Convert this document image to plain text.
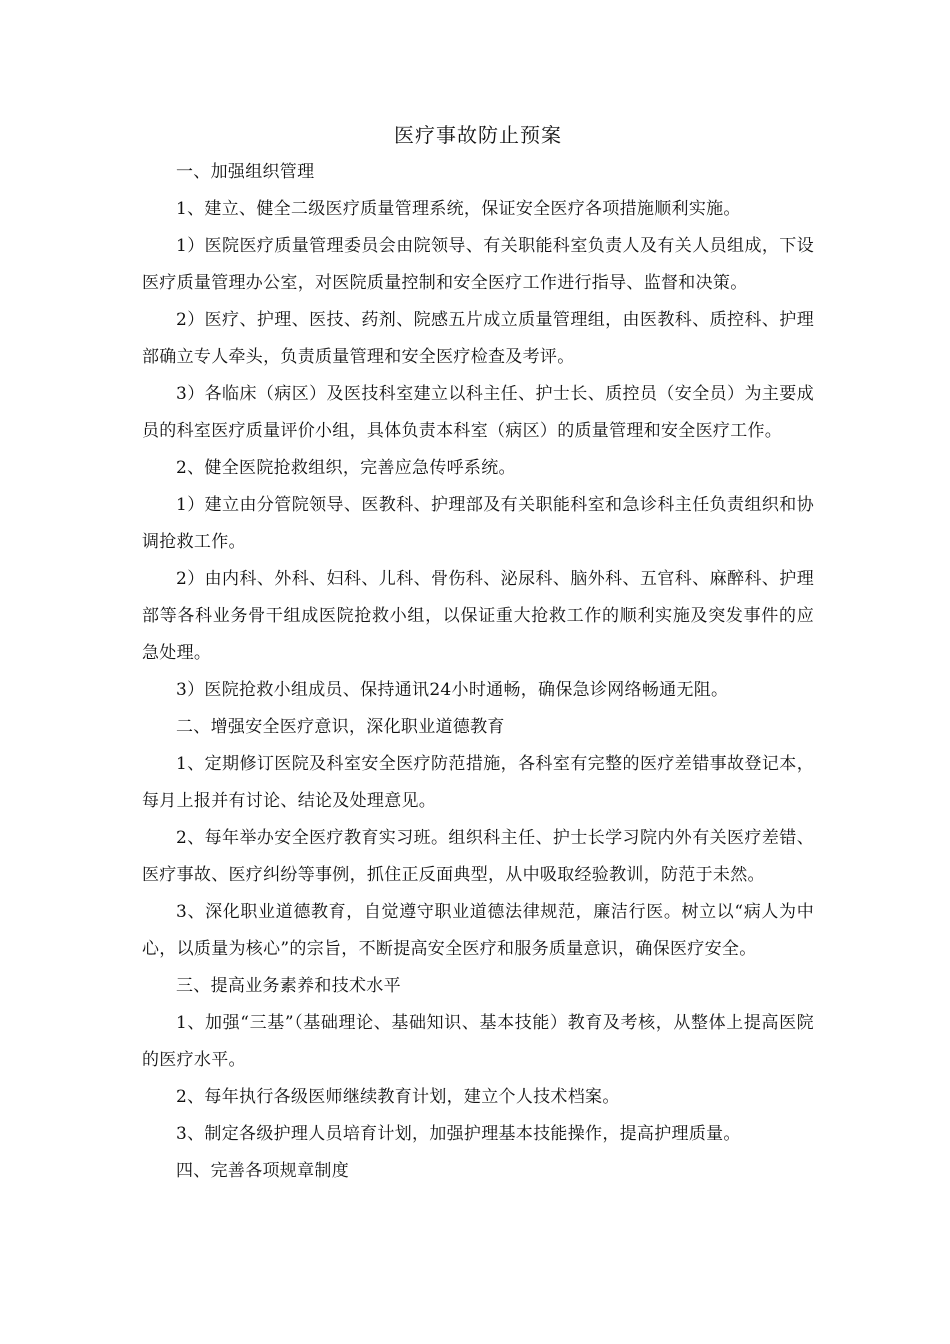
医疗事故防止预案

一、加强组织管理

1、建立、健全二级医疗质量管理系统，保证安全医疗各项措施顺利实施。

1）医院医疗质量管理委员会由院领导、有关职能科室负责人及有关人员组成，下设医疗质量管理办公室，对医院质量控制和安全医疗工作进行指导、监督和决策。

2）医疗、护理、医技、药剂、院感五片成立质量管理组，由医教科、质控科、护理部确立专人牵头，负责质量管理和安全医疗检查及考评。

3）各临床（病区）及医技科室建立以科主任、护士长、质控员（安全员）为主要成员的科室医疗质量评价小组，具体负责本科室（病区）的质量管理和安全医疗工作。

2、健全医院抢救组织，完善应急传呼系统。

1）建立由分管院领导、医教科、护理部及有关职能科室和急诊科主任负责组织和协调抢救工作。

2）由内科、外科、妇科、儿科、骨伤科、泌尿科、脑外科、五官科、麻醉科、护理部等各科业务骨干组成医院抢救小组，以保证重大抢救工作的顺利实施及突发事件的应急处理。

3）医院抢救小组成员、保持通讯24小时通畅，确保急诊网络畅通无阻。

二、增强安全医疗意识，深化职业道德教育

1、定期修订医院及科室安全医疗防范措施，各科室有完整的医疗差错事故登记本，每月上报并有讨论、结论及处理意见。

2、每年举办安全医疗教育实习班。组织科主任、护士长学习院内外有关医疗差错、医疗事故、医疗纠纷等事例，抓住正反面典型，从中吸取经验教训，防范于未然。

3、深化职业道德教育，自觉遵守职业道德法律规范，廉洁行医。树立以“病人为中心，以质量为核心”的宗旨，不断提高安全医疗和服务质量意识，确保医疗安全。

三、提高业务素养和技术水平

1、加强“三基”（基础理论、基础知识、基本技能）教育及考核，从整体上提高医院的医疗水平。

2、每年执行各级医师继续教育计划，建立个人技术档案。

3、制定各级护理人员培育计划，加强护理基本技能操作，提高护理质量。

四、完善各项规章制度
